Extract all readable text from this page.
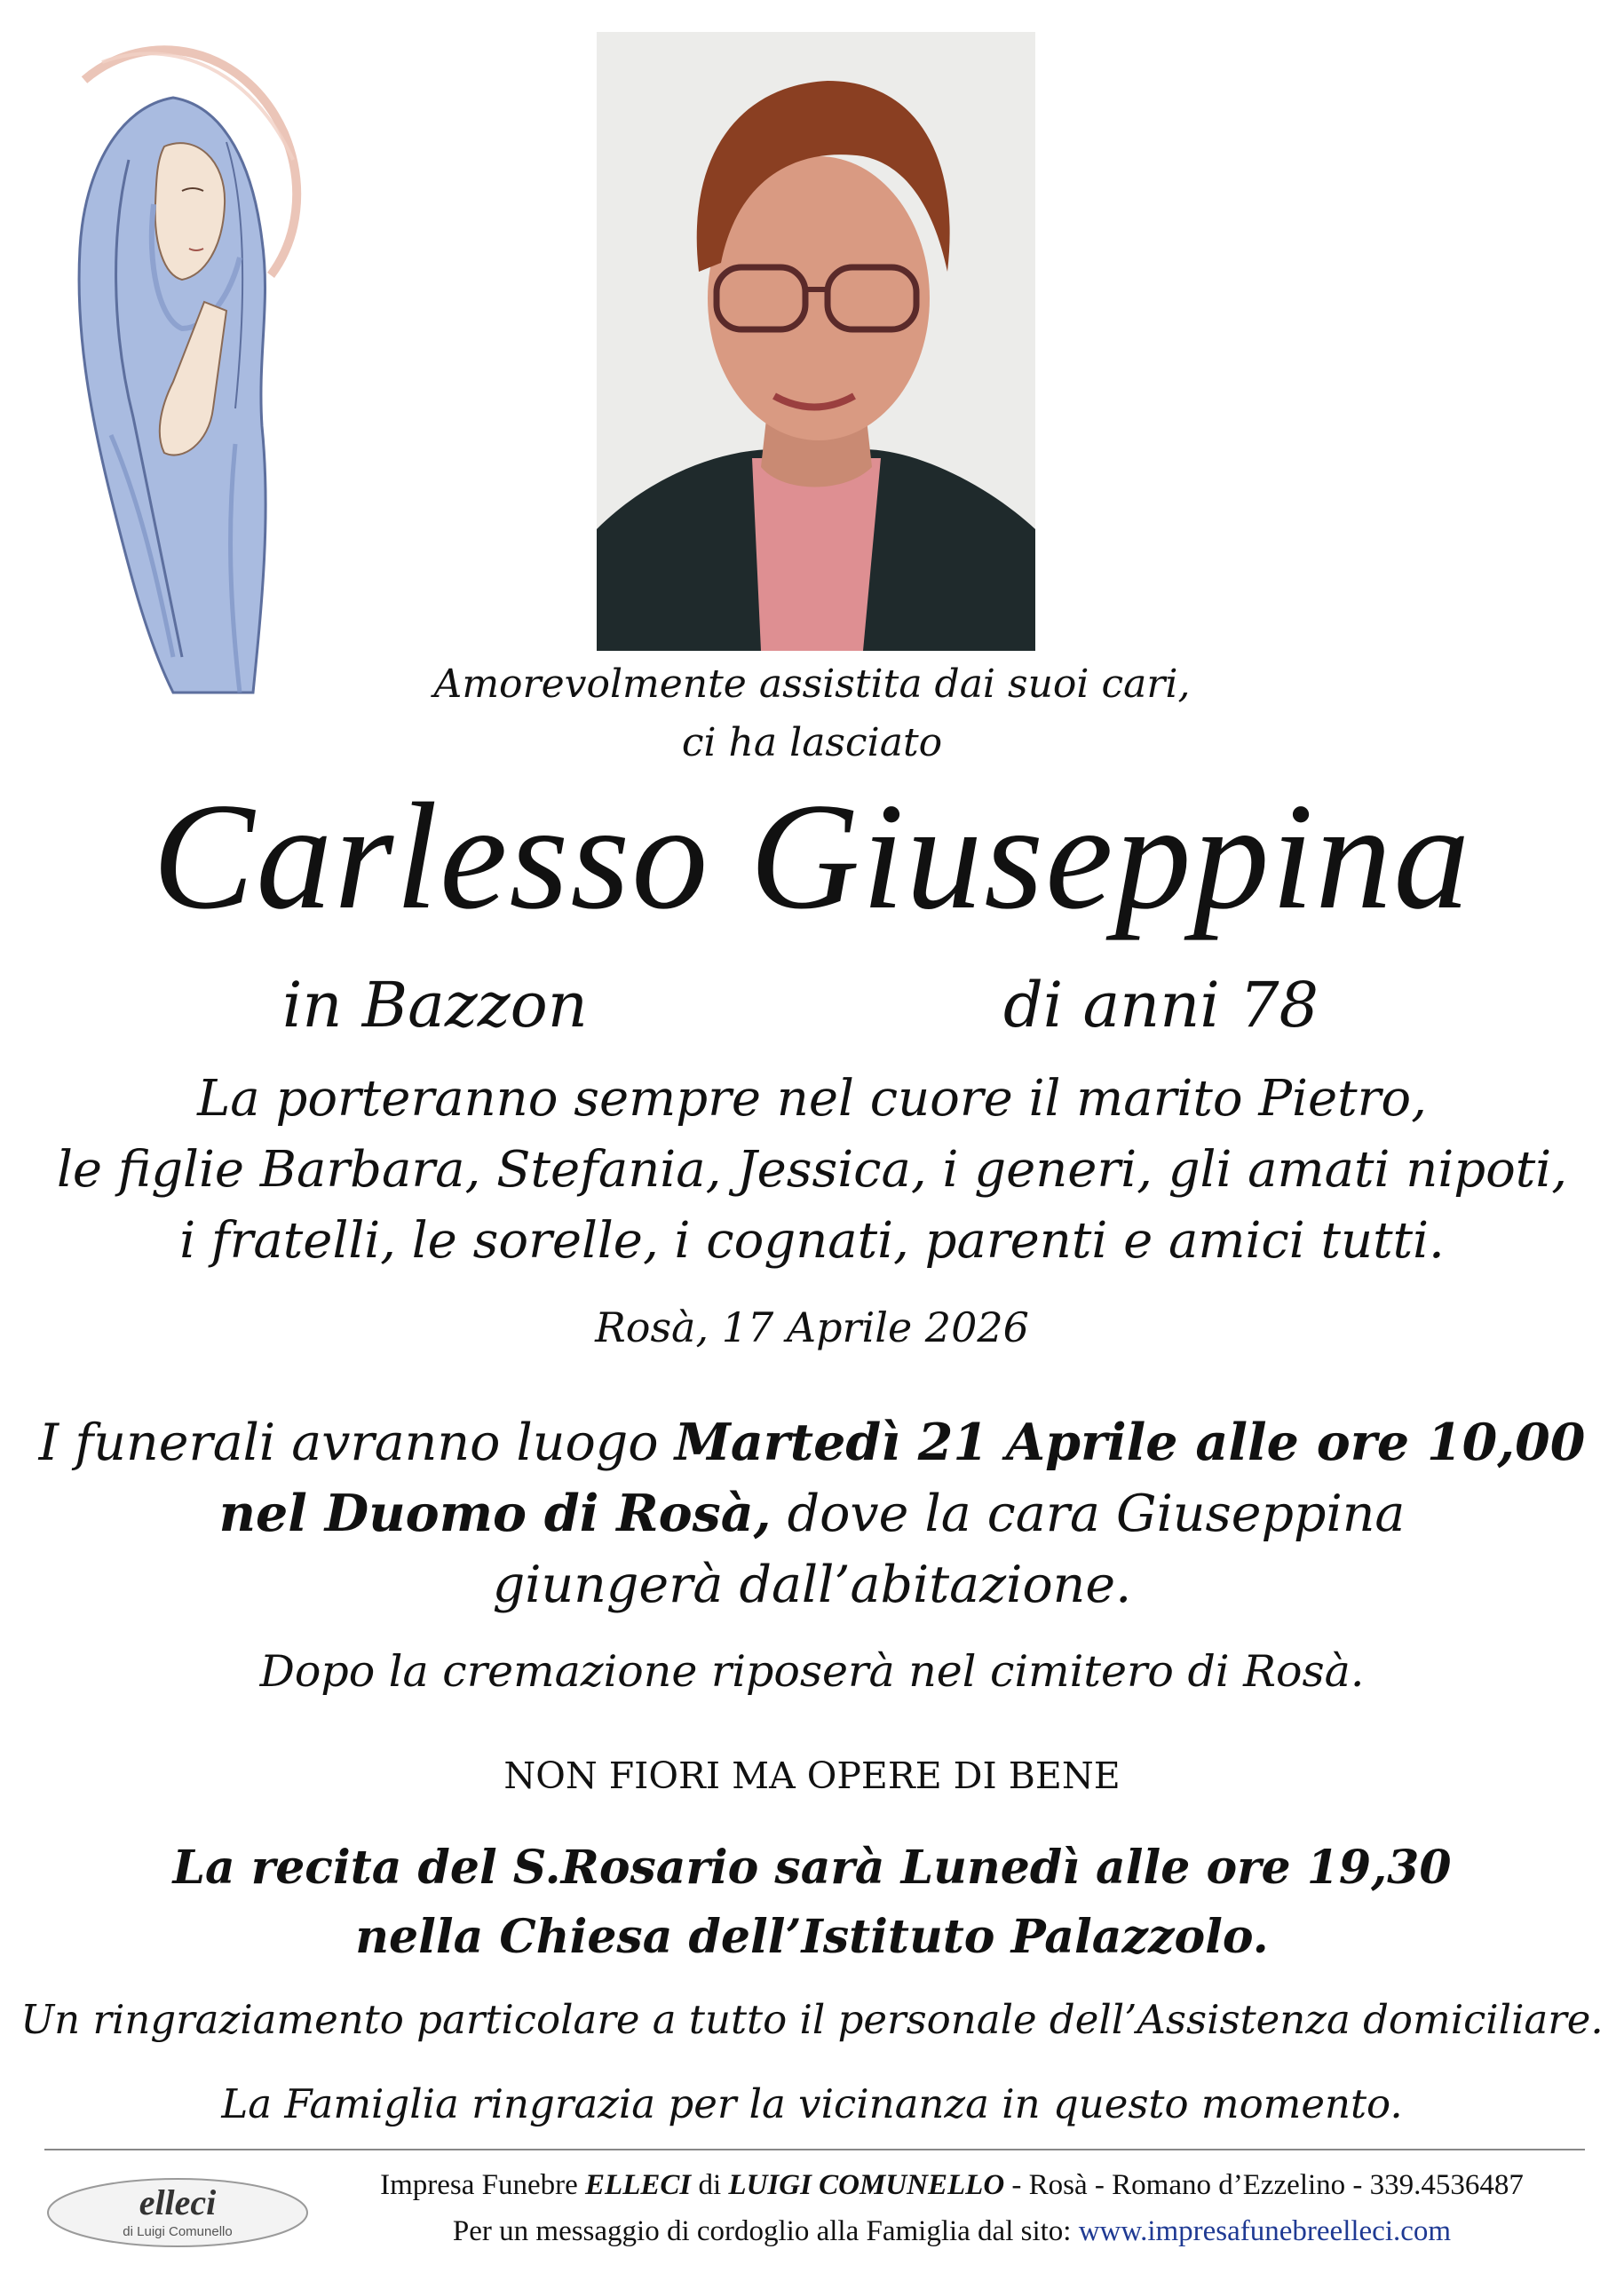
Amorevolmente assistita dai suoi cari,
ci ha lasciato
Carlesso Giuseppina
in Bazzon	di anni 78
La porteranno sempre nel cuore il marito Pietro,
le figlie Barbara, Stefania, Jessica, i generi, gli amati nipoti,
i fratelli, le sorelle, i cognati, parenti e amici tutti.
Rosà, 17 Aprile 2026
I funerali avranno luogo Martedì 21 Aprile alle ore 10,00
nel Duomo di Rosà, dove la cara Giuseppina
giungerà dall’abitazione.
Dopo la cremazione riposerà nel cimitero di Rosà.
NON FIORI MA OPERE DI BENE
La recita del S.Rosario sarà Lunedì alle ore 19,30
nella Chiesa dell’Istituto Palazzolo.
Un ringraziamento particolare a tutto il personale dell’Assistenza domiciliare.
La Famiglia ringrazia per la vicinanza in questo momento.
elleci
di Luigi Comunello
Impresa Funebre ELLECI di LUIGI COMUNELLO - Rosà - Romano d’Ezzelino - 339.4536487
Per un messaggio di cordoglio alla Famiglia dal sito: www.impresafunebreelleci.com
